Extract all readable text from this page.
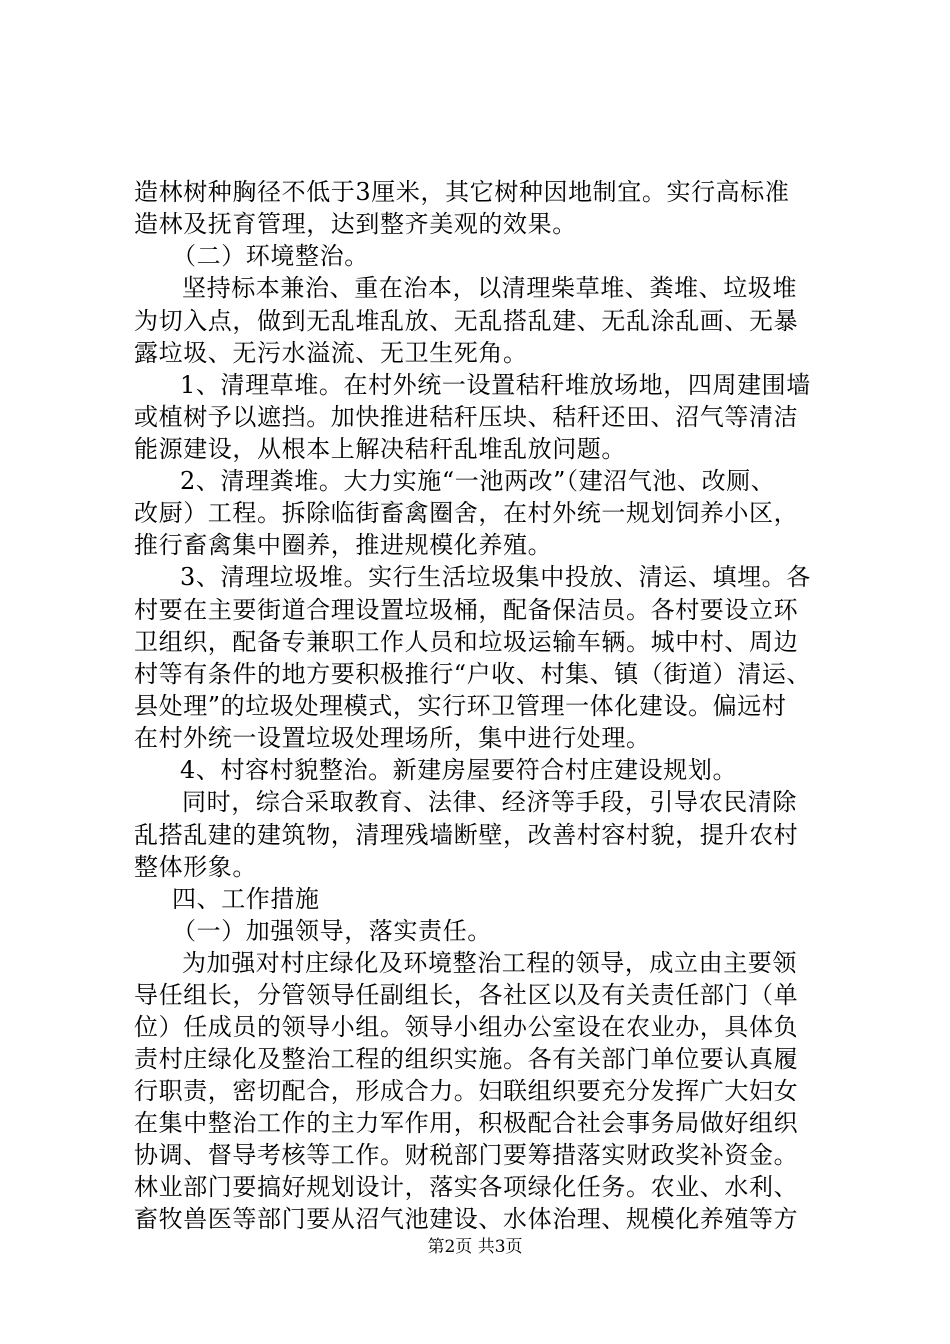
造林树种胸径不低于3厘米，其它树种因地制宜。实行高标准
造林及抚育管理，达到整齐美观的效果。
（二）环境整治。
坚持标本兼治、重在治本，以清理柴草堆、粪堆、垃圾堆
为切入点，做到无乱堆乱放、无乱搭乱建、无乱涂乱画、无暴
露垃圾、无污水溢流、无卫生死角。
1、清理草堆。在村外统一设置秸秆堆放场地，四周建围墙
或植树予以遮挡。加快推进秸秆压块、秸秆还田、沼气等清洁
能源建设，从根本上解决秸秆乱堆乱放问题。
2、清理粪堆。大力实施“一池两改”（建沼气池、改厕、
改厨）工程。拆除临街畜禽圈舍，在村外统一规划饲养小区，
推行畜禽集中圈养，推进规模化养殖。
3、清理垃圾堆。实行生活垃圾集中投放、清运、填埋。各
村要在主要街道合理设置垃圾桶，配备保洁员。各村要设立环
卫组织，配备专兼职工作人员和垃圾运输车辆。城中村、周边
村等有条件的地方要积极推行“户收、村集、镇（街道）清运、
县处理”的垃圾处理模式，实行环卫管理一体化建设。偏远村
在村外统一设置垃圾处理场所，集中进行处理。
4、村容村貌整治。新建房屋要符合村庄建设规划。
同时，综合采取教育、法律、经济等手段，引导农民清除
乱搭乱建的建筑物，清理残墙断壁，改善村容村貌，提升农村
整体形象。
四、工作措施
（一）加强领导，落实责任。
为加强对村庄绿化及环境整治工程的领导，成立由主要领
导任组长，分管领导任副组长，各社区以及有关责任部门（单
位）任成员的领导小组。领导小组办公室设在农业办，具体负
责村庄绿化及整治工程的组织实施。各有关部门单位要认真履
行职责，密切配合，形成合力。妇联组织要充分发挥广大妇女
在集中整治工作的主力军作用，积极配合社会事务局做好组织
协调、督导考核等工作。财税部门要筹措落实财政奖补资金。
林业部门要搞好规划设计，落实各项绿化任务。农业、水利、
畜牧兽医等部门要从沼气池建设、水体治理、规模化养殖等方
第2页 共3页
